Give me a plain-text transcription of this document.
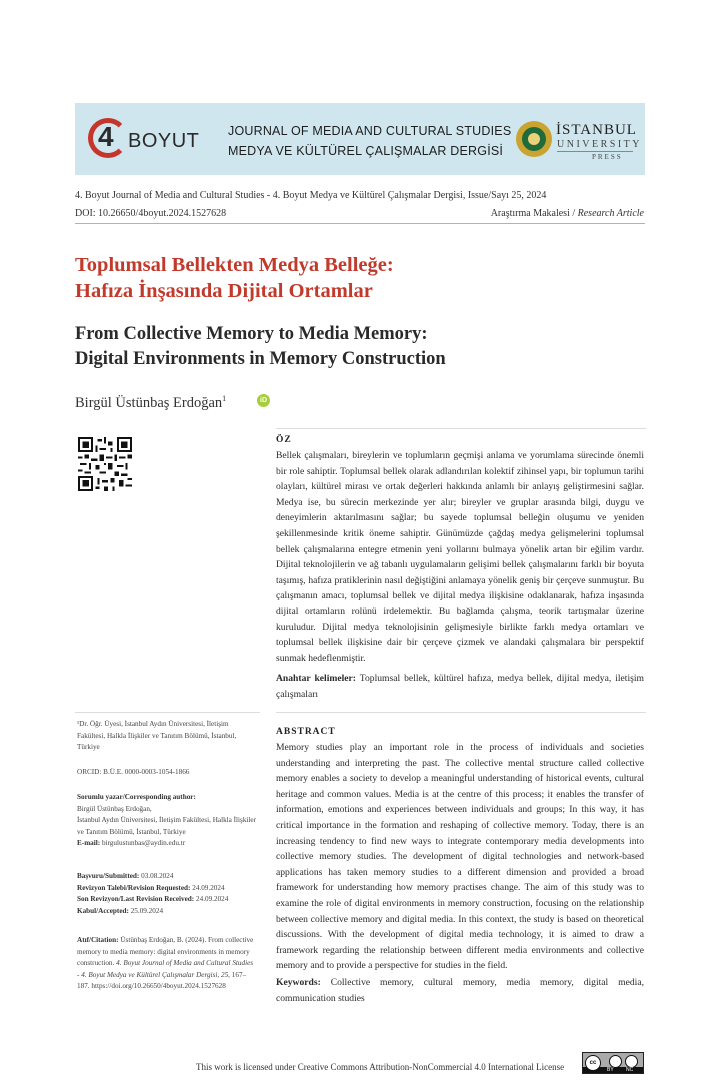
4 BOYUT JOURNAL OF MEDIA AND CULTURAL STUDIES
MEDYA VE KÜLTÜREL ÇALIŞMALAR DERGİSİ
İSTANBUL
UNIVERSITY
PRESS
4. Boyut Journal of Media and Cultural Studies - 4. Boyut Medya ve Kültürel Çalışmalar Dergisi, Issue/Sayı 25, 2024
DOI: 10.26650/4boyut.2024.1527628	Araştırma Makalesi / Research Article
Toplumsal Bellekten Medya Belleğe:
Hafıza İnşasında Dijital Ortamlar
From Collective Memory to Media Memory:
Digital Environments in Memory Construction
Birgül Üstünbaş Erdoğan$^1$	iD
ÖZ
Bellek çalışmaları, bireylerin ve toplumların geçmişi anlama ve yorumlama sürecinde önemli bir role sahiptir. Toplumsal bellek olarak adlandırılan kolektif zihinsel yapı, bir toplumun tarihi olayları, kültürel mirası ve ortak değerleri hakkında anlamlı bir anlayış geliştirmesini sağlar. Medya ise, bu sürecin merkezinde yer alır; bireyler ve gruplar arasında bilgi, duygu ve deneyimlerin aktarılmasını sağlar; bu sayede toplumsal belleğin oluşumu ve yeniden şekillenmesinde kritik öneme sahiptir. Günümüzde çağdaş medya gelişmelerini toplumsal bellek çalışmalarına entegre etmenin yeni yollarını bulmaya yönelik artan bir eğilim vardır. Dijital teknolojilerin ve ağ tabanlı uygulamaların gelişimi bellek çalışmalarını farklı bir boyuta taşımış, hafıza pratiklerinin nasıl değiştiğini anlamaya yönelik geniş bir çerçeve sunmuştur. Bu çalışmanın amacı, toplumsal bellek ve dijital medya ilişkisine odaklanarak, hafıza inşasında dijital ortamların rolünü irdelemektir. Bu bağlamda çalışma, teorik tartışmalar üzerine kuruludur. Dijital medya teknolojisinin gelişmesiyle birlikte farklı medya ortamları ve toplumsal bellek ilişkisine dair bir çerçeve çizmek ve alandaki çalışmalara bir perspektif sunmak hedeflenmiştir.
Anahtar kelimeler: Toplumsal bellek, kültürel hafıza, medya bellek, dijital medya, iletişim çalışmaları
ABSTRACT
Memory studies play an important role in the process of individuals and societies understanding and interpreting the past. The collective mental structure called collective memory enables a society to develop a meaningful understanding of historical events, cultural heritage and common values. Media is at the centre of this process; it enables the transfer of information, emotions and experiences between individuals and groups; In this way, it has critical importance in the formation and reshaping of collective memory. Today, there is an increasing tendency to find new ways to integrate contemporary media developments into collective memory studies. The development of digital technologies and network-based applications has taken memory studies to a different dimension and provided a broad framework for understanding how memory practises change. The aim of this study was to examine the role of digital environments in memory construction, focusing on the relationship between collective memory and digital media. In this context, the study is based on theoretical discussions. With the development of digital media technology, it is aimed to draw a framework regarding the relationship between different media environments and collective memory and to provide a perspective for studies in the field.
Keywords: Collective memory, cultural memory, media memory, digital media, communication studies
¹Dr. Öğr. Üyesi, İstanbul Aydın Üniversitesi, İletişim Fakültesi, Halkla İlişkiler ve Tanıtım Bölümü, İstanbul, Türkiye
ORCID: B.Ü.E. 0000-0003-1054-1866
Sorumlu yazar/Corresponding author:
Birgül Üstünbaş Erdoğan,
İstanbul Aydın Üniversitesi, İletişim Fakültesi, Halkla İlişkiler ve Tanıtım Bölümü, İstanbul, Türkiye
E-mail: birgulustunbas@aydin.edu.tr
Başvuru/Submitted: 03.08.2024
Revizyon Talebi/Revision Requested: 24.09.2024
Son Revizyon/Last Revision Received: 24.09.2024
Kabul/Accepted: 25.09.2024
Atıf/Citation: Üstünbaş Erdoğan, B. (2024). From collective memory to media memory: digital environments in memory construction. 4. Boyut Journal of Media and Cultural Studies - 4. Boyut Medya ve Kültürel Çalışmalar Dergisi, 25, 167–187. https://doi.org/10.26650/4boyut.2024.1527628
This work is licensed under Creative Commons Attribution-NonCommercial 4.0 International License	cc
BY NC
